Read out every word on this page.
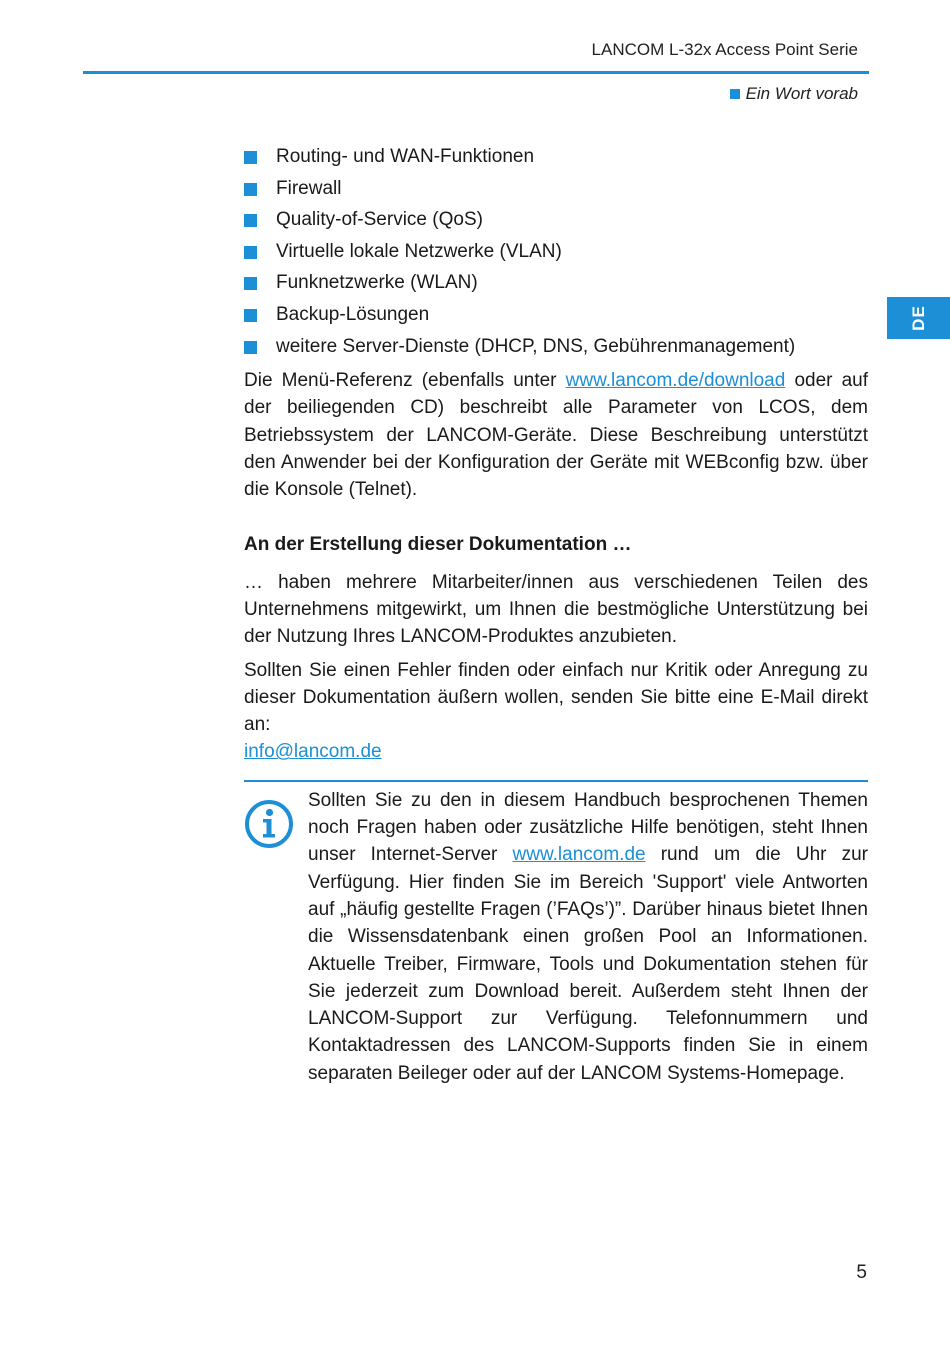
LANCOM L-32x Access Point Serie
Ein Wort vorab
DE
Routing- und WAN-Funktionen
Firewall
Quality-of-Service (QoS)
Virtuelle lokale Netzwerke (VLAN)
Funknetzwerke (WLAN)
Backup-Lösungen
weitere Server-Dienste (DHCP, DNS, Gebührenmanagement)

Die Menü-Referenz (ebenfalls unter www.lancom.de/download oder auf der beiliegenden CD) beschreibt alle Parameter von LCOS, dem Betriebssystem der LANCOM-Geräte. Diese Beschreibung unterstützt den Anwender bei der Konfiguration der Geräte mit WEBconfig bzw. über die Konsole (Telnet).

An der Erstellung dieser Dokumentation …

… haben mehrere Mitarbeiter/innen aus verschiedenen Teilen des Unternehmens mitgewirkt, um Ihnen die bestmögliche Unterstützung bei der Nutzung Ihres LANCOM-Produktes anzubieten.

Sollten Sie einen Fehler finden oder einfach nur Kritik oder Anregung zu dieser Dokumentation äußern wollen, senden Sie bitte eine E-Mail direkt an:
info@lancom.de

Sollten Sie zu den in diesem Handbuch besprochenen Themen noch Fragen haben oder zusätzliche Hilfe benötigen, steht Ihnen unser Internet-Server www.lancom.de rund um die Uhr zur Verfügung. Hier finden Sie im Bereich 'Support' viele Antworten auf „häufig gestellte Fragen (’FAQs’)”. Darüber hinaus bietet Ihnen die Wissensdatenbank einen großen Pool an Informationen. Aktuelle Treiber, Firmware, Tools und Dokumentation stehen für Sie jederzeit zum Download bereit. Außerdem steht Ihnen der LANCOM-Support zur Verfügung. Telefonnummern und Kontaktadressen des LANCOM-Supports finden Sie in einem separaten Beileger oder auf der LANCOM Systems-Homepage.

5
